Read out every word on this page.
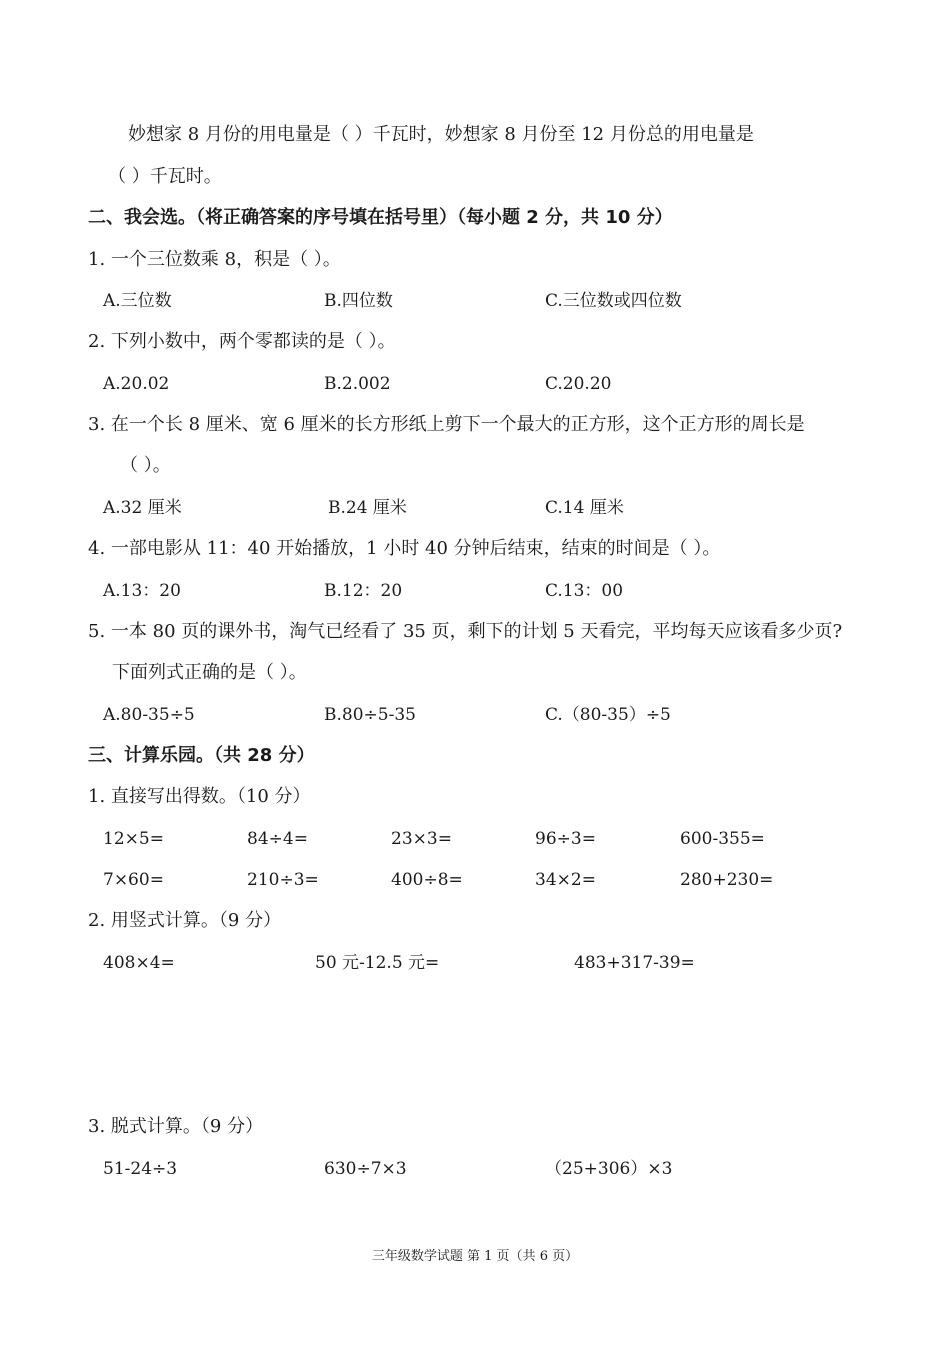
妙想家 8 月份的用电量是（ ）千瓦时，妙想家 8 月份至 12 月份总的用电量是
（ ）千瓦时。
二、我会选。（将正确答案的序号填在括号里）（每小题 2 分，共 10 分）
1. 一个三位数乘 8，积是（ ）。
A.三位数	B.四位数	C.三位数或四位数
2. 下列小数中，两个零都读的是（ ）。
A.20.02	B.2.002	C.20.20
3. 在一个长 8 厘米、宽 6 厘米的长方形纸上剪下一个最大的正方形，这个正方形的周长是
（ ）。
A.32 厘米	B.24 厘米	C.14 厘米
4. 一部电影从 11：40 开始播放，1 小时 40 分钟后结束，结束的时间是（ ）。
A.13：20	B.12：20	C.13：00
5. 一本 80 页的课外书，淘气已经看了 35 页，剩下的计划 5 天看完，平均每天应该看多少页?
下面列式正确的是（ ）。
A.80-35÷5	B.80÷5-35	C.（80-35）÷5
三、计算乐园。（共 28 分）
1. 直接写出得数。（10 分）
12×5=	84÷4=	23×3=	96÷3=	600-355=
7×60=	210÷3=	400÷8=	34×2=	280+230=
2. 用竖式计算。（9 分）
408×4=	50 元-12.5 元=	483+317-39=
3. 脱式计算。（9 分）
51-24÷3	630÷7×3	（25+306）×3
三年级数学试题 第 1 页（共 6 页）
